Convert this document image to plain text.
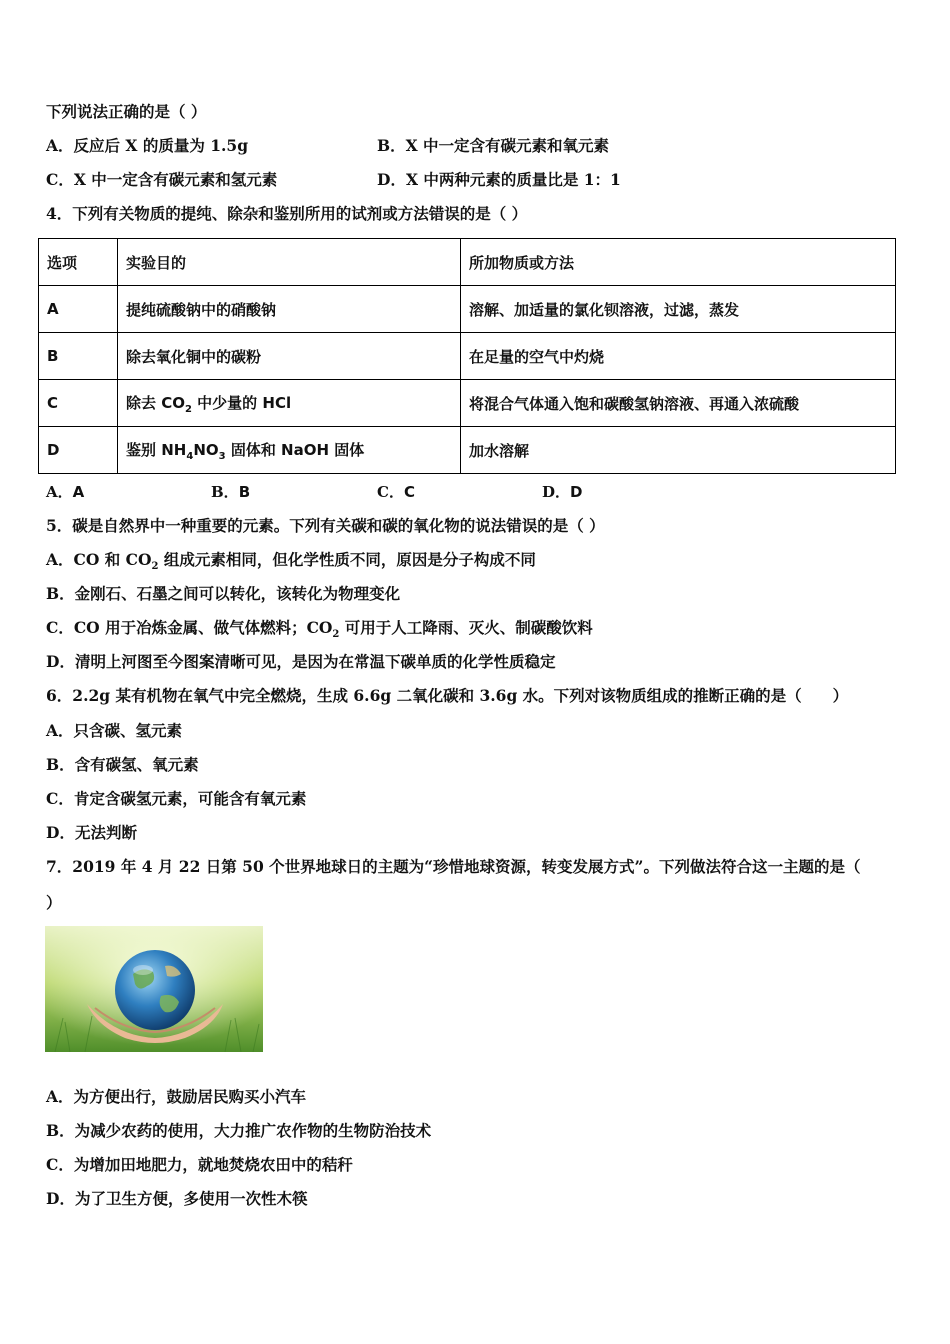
下列说法正确的是（ ）
A．反应后 X 的质量为 1.5g	B．X 中一定含有碳元素和氧元素
C．X 中一定含有碳元素和氢元素	D．X 中两种元素的质量比是 1：1
4．下列有关物质的提纯、除杂和鉴别所用的试剂或方法错误的是（ ）
选项	实验目的	所加物质或方法
A	提纯硫酸钠中的硝酸钠	溶解、加适量的氯化钡溶液，过滤，蒸发
B	除去氧化铜中的碳粉	在足量的空气中灼烧
C	除去 $CO_2$ 中少量的 HCl	将混合气体通入饱和碳酸氢钠溶液、再通入浓硫酸
D	鉴别 $NH_4NO_3$ 固体和 NaOH 固体	加水溶解
A．A	B．B	C．C	D．D
5．碳是自然界中一种重要的元素。下列有关碳和碳的氧化物的说法错误的是（ ）
A．CO 和 $CO_2$ 组成元素相同，但化学性质不同，原因是分子构成不同
B．金刚石、石墨之间可以转化，该转化为物理变化
C．CO 用于冶炼金属、做气体燃料；$CO_2$ 可用于人工降雨、灭火、制碳酸饮料
D．清明上河图至今图案清晰可见，是因为在常温下碳单质的化学性质稳定
6．2.2g 某有机物在氧气中完全燃烧，生成 6.6g 二氧化碳和 3.6g 水。下列对该物质组成的推断正确的是（　　）
A．只含碳、氢元素
B．含有碳氢、氧元素
C．肯定含碳氢元素，可能含有氧元素
D．无法判断
7．2019 年 4 月 22 日第 50 个世界地球日的主题为“珍惜地球资源，转变发展方式”。下列做法符合这一主题的是（
）
A．为方便出行，鼓励居民购买小汽车
B．为减少农药的使用，大力推广农作物的生物防治技术
C．为增加田地肥力，就地焚烧农田中的秸秆
D．为了卫生方便，多使用一次性木筷
